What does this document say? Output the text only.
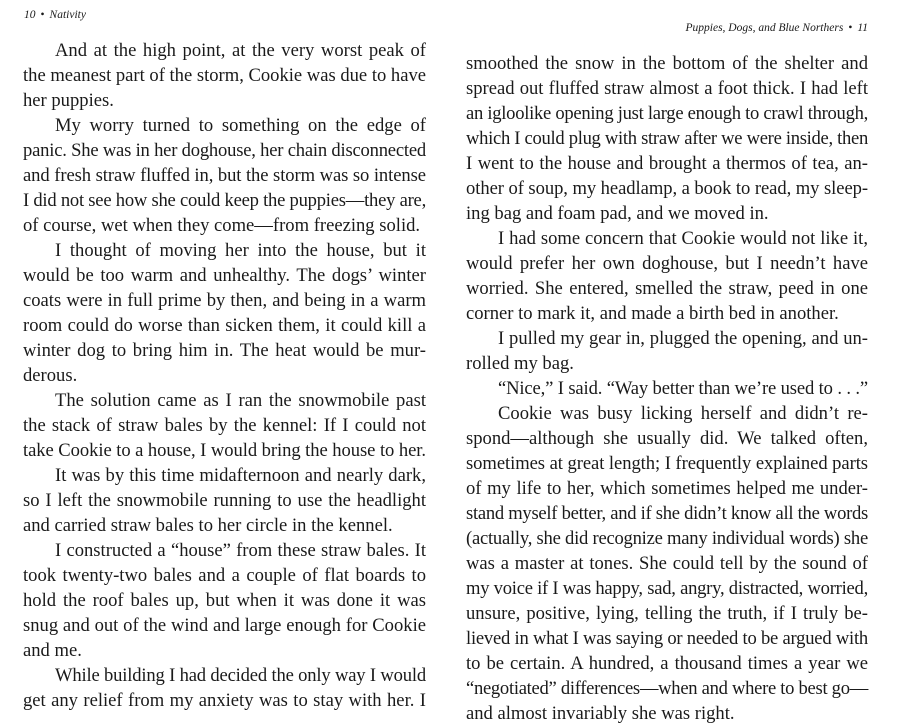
10 • Nativity
And at the high point, at the very worst peak of
the meanest part of the storm, Cookie was due to have
her puppies.
My worry turned to something on the edge of
panic. She was in her doghouse, her chain disconnected
and fresh straw fluffed in, but the storm was so intense
I did not see how she could keep the puppies—they are,
of course, wet when they come—from freezing solid.
I thought of moving her into the house, but it
would be too warm and unhealthy. The dogs’ winter
coats were in full prime by then, and being in a warm
room could do worse than sicken them, it could kill a
winter dog to bring him in. The heat would be mur-
derous.
The solution came as I ran the snowmobile past
the stack of straw bales by the kennel: If I could not
take Cookie to a house, I would bring the house to her.
It was by this time midafternoon and nearly dark,
so I left the snowmobile running to use the headlight
and carried straw bales to her circle in the kennel.
I constructed a “house” from these straw bales. It
took twenty-two bales and a couple of flat boards to
hold the roof bales up, but when it was done it was
snug and out of the wind and large enough for Cookie
and me.
While building I had decided the only way I would
get any relief from my anxiety was to stay with her. I
Puppies, Dogs, and Blue Northers • 11
smoothed the snow in the bottom of the shelter and
spread out fluffed straw almost a foot thick. I had left
an igloolike opening just large enough to crawl through,
which I could plug with straw after we were inside, then
I went to the house and brought a thermos of tea, an-
other of soup, my headlamp, a book to read, my sleep-
ing bag and foam pad, and we moved in.
I had some concern that Cookie would not like it,
would prefer her own doghouse, but I needn’t have
worried. She entered, smelled the straw, peed in one
corner to mark it, and made a birth bed in another.
I pulled my gear in, plugged the opening, and un-
rolled my bag.
“Nice,” I said. “Way better than we’re used to . . .”
Cookie was busy licking herself and didn’t re-
spond—although she usually did. We talked often,
sometimes at great length; I frequently explained parts
of my life to her, which sometimes helped me under-
stand myself better, and if she didn’t know all the words
(actually, she did recognize many individual words) she
was a master at tones. She could tell by the sound of
my voice if I was happy, sad, angry, distracted, worried,
unsure, positive, lying, telling the truth, if I truly be-
lieved in what I was saying or needed to be argued with
to be certain. A hundred, a thousand times a year we
“negotiated” differences—when and where to best go—
and almost invariably she was right.
